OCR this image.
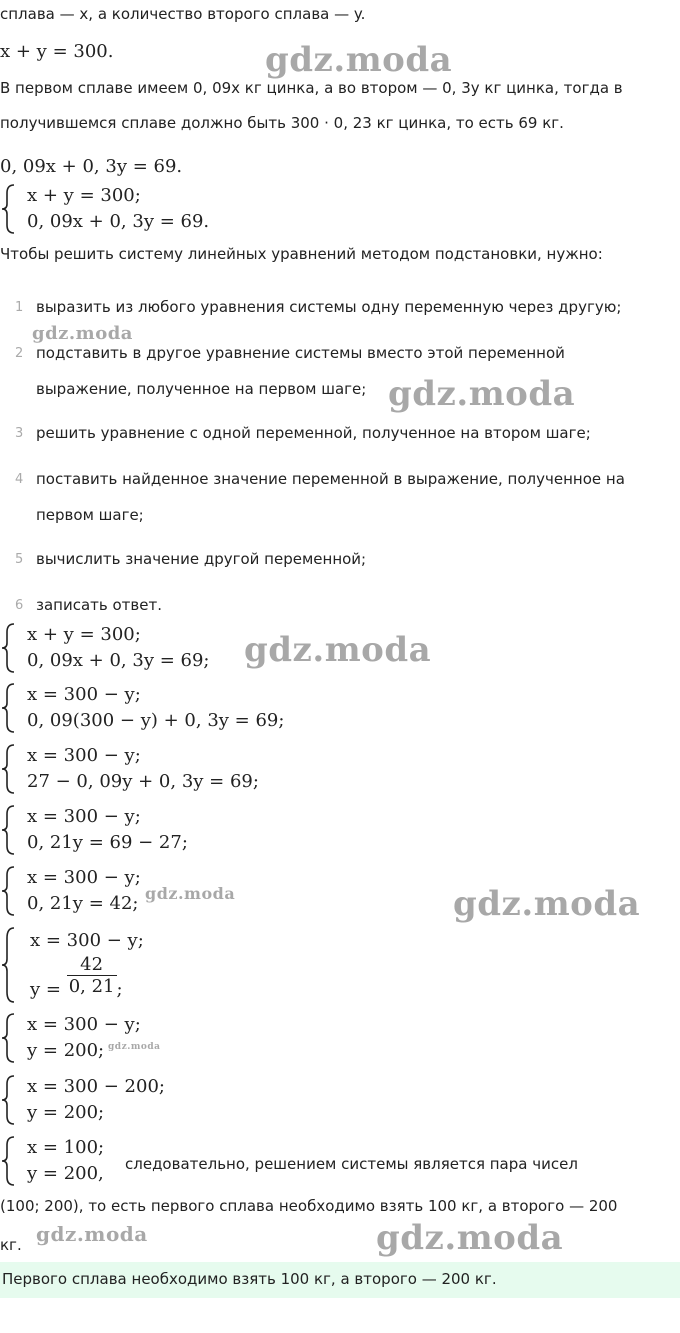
сплава — x, а количество второго сплава — y.
x + y = 300.
В первом сплаве имеем 0, 09x кг цинка, а во втором — 0, 3y кг цинка, тогда в
получившемся сплаве должно быть 300 · 0, 23 кг цинка, то есть 69 кг.
0, 09x + 0, 3y = 69.
x + y = 300;
0, 09x + 0, 3y = 69.
Чтобы решить систему линейных уравнений методом подстановки, нужно:
1 выразить из любого уравнения системы одну переменную через другую;
2 подставить в другое уравнение системы вместо этой переменной
выражение, полученное на первом шаге;
3 решить уравнение с одной переменной, полученное на втором шаге;
4 поставить найденное значение переменной в выражение, полученное на
первом шаге;
5 вычислить значение другой переменной;
6 записать ответ.
x + y = 300;
0, 09x + 0, 3y = 69;
x = 300 − y;
0, 09(300 − y) + 0, 3y = 69;
x = 300 − y;
27 − 0, 09y + 0, 3y = 69;
x = 300 − y;
0, 21y = 69 − 27;
x = 300 − y;
0, 21y = 42;
x = 300 − y;
$y = \frac{42}{0, 21}$ ;
x = 300 − y;
y = 200;
x = 300 − 200;
y = 200;
x = 100;
y = 200, следовательно, решением системы является пара чисел
(100; 200), то есть первого сплава необходимо взять 100 кг, а второго — 200
кг.
Первого сплава необходимо взять 100 кг, а второго — 200 кг.
gdz.moda
gdz.moda
gdz.moda
gdz.moda
gdz.moda	gdz.moda
gdz.moda
gdz.moda	gdz.moda
